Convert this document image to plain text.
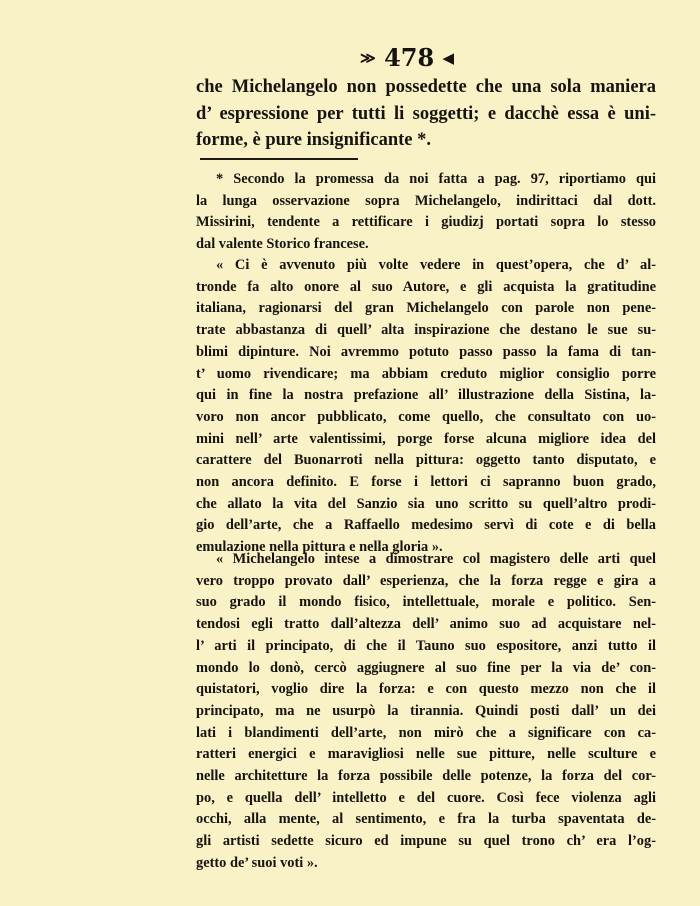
≫ 478 ◀
che Michelangelo non possedette che una sola maniera
d’ espressione per tutti li soggetti; e dacchè essa è uni-
forme, è pure insignificante *.
* Secondo la promessa da noi fatta a pag. 97, riportiamo qui
la lunga osservazione sopra Michelangelo, indirittaci dal dott.
Missirini, tendente a rettificare i giudizj portati sopra lo stesso
dal valente Storico francese.
« Ci è avvenuto più volte vedere in quest’opera, che d’ al-
tronde fa alto onore al suo Autore, e gli acquista la gratitudine
italiana, ragionarsi del gran Michelangelo con parole non pene-
trate abbastanza di quell’ alta inspirazione che destano le sue su-
blimi dipinture. Noi avremmo potuto passo passo la fama di tan-
t’ uomo rivendicare; ma abbiam creduto miglior consiglio porre
qui in fine la nostra prefazione all’ illustrazione della Sistina, la-
voro non ancor pubblicato, come quello, che consultato con uo-
mini nell’ arte valentissimi, porge forse alcuna migliore idea del
carattere del Buonarroti nella pittura: oggetto tanto disputato, e
non ancora definito. E forse i lettori ci sapranno buon grado,
che allato la vita del Sanzio sia uno scritto su quell’altro prodi-
gio dell’arte, che a Raffaello medesimo servì di cote e di bella
emulazione nella pittura e nella gloria ».
« Michelangelo intese a dimostrare col magistero delle arti quel
vero troppo provato dall’ esperienza, che la forza regge e gira a
suo grado il mondo fisico, intellettuale, morale e politico. Sen-
tendosi egli tratto dall’altezza dell’ animo suo ad acquistare nel-
l’ arti il principato, di che il Tauno suo espositore, anzi tutto il
mondo lo donò, cercò aggiugnere al suo fine per la via de’ con-
quistatori, voglio dire la forza: e con questo mezzo non che il
principato, ma ne usurpò la tirannia. Quindi posti dall’ un dei
lati i blandimenti dell’arte, non mirò che a significare con ca-
ratteri energici e maravigliosi nelle sue pitture, nelle sculture e
nelle architetture la forza possibile delle potenze, la forza del cor-
po, e quella dell’ intelletto e del cuore. Così fece violenza agli
occhi, alla mente, al sentimento, e fra la turba spaventata de-
gli artisti sedette sicuro ed impune su quel trono ch’ era l’og-
getto de’ suoi voti ».
